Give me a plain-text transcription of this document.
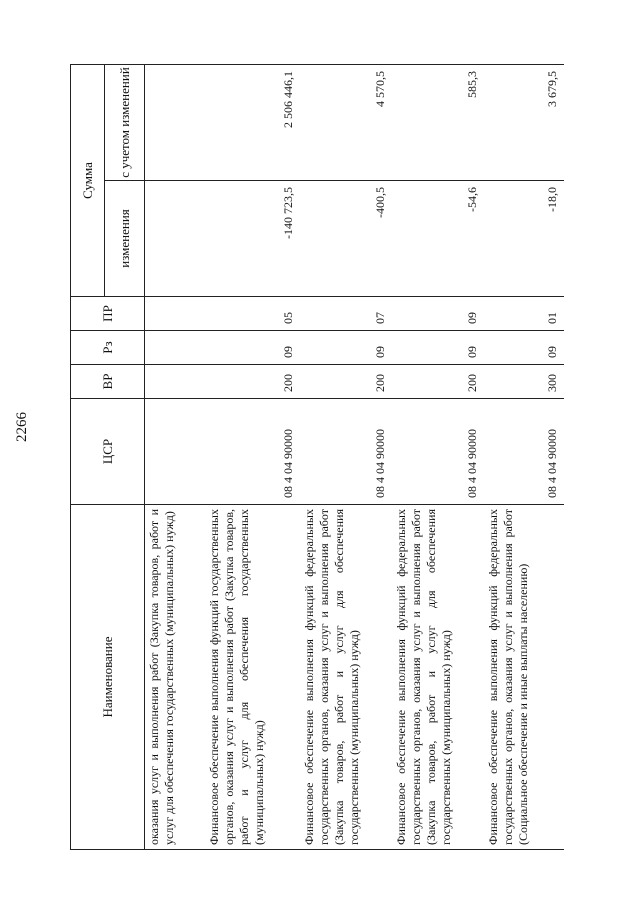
2266
Наименование	ЦСР	ВР	Рз	ПР	Сумма	
					изменения	с учетом изменений
оказания услуг и выполнения работ (Закупка товаров, работ и услуг для обеспечения государственных (муниципальных) нужд)						
Финансовое обеспечение выполнения функций государственных органов, оказания услуг и выполнения работ (Закупка товаров, работ и услуг для обеспечения государственных (муниципальных) нужд)	08 4 04 90000	200	09	05	-140 723,5	2 506 446,1
Финансовое обеспечение выполнения функций федеральных государственных органов, оказания услуг и выполнения работ (Закупка товаров, работ и услуг для обеспечения государственных (муниципальных) нужд)	08 4 04 90000	200	09	07	-400,5	4 570,5
Финансовое обеспечение выполнения функций федеральных государственных органов, оказания услуг и выполнения работ (Закупка товаров, работ и услуг для обеспечения государственных (муниципальных) нужд)	08 4 04 90000	200	09	09	-54,6	585,3
Финансовое обеспечение выполнения функций федеральных государственных органов, оказания услуг и выполнения работ (Социальное обеспечение и иные выплаты населению)	08 4 04 90000	300	09	01	-18,0	3 679,5
